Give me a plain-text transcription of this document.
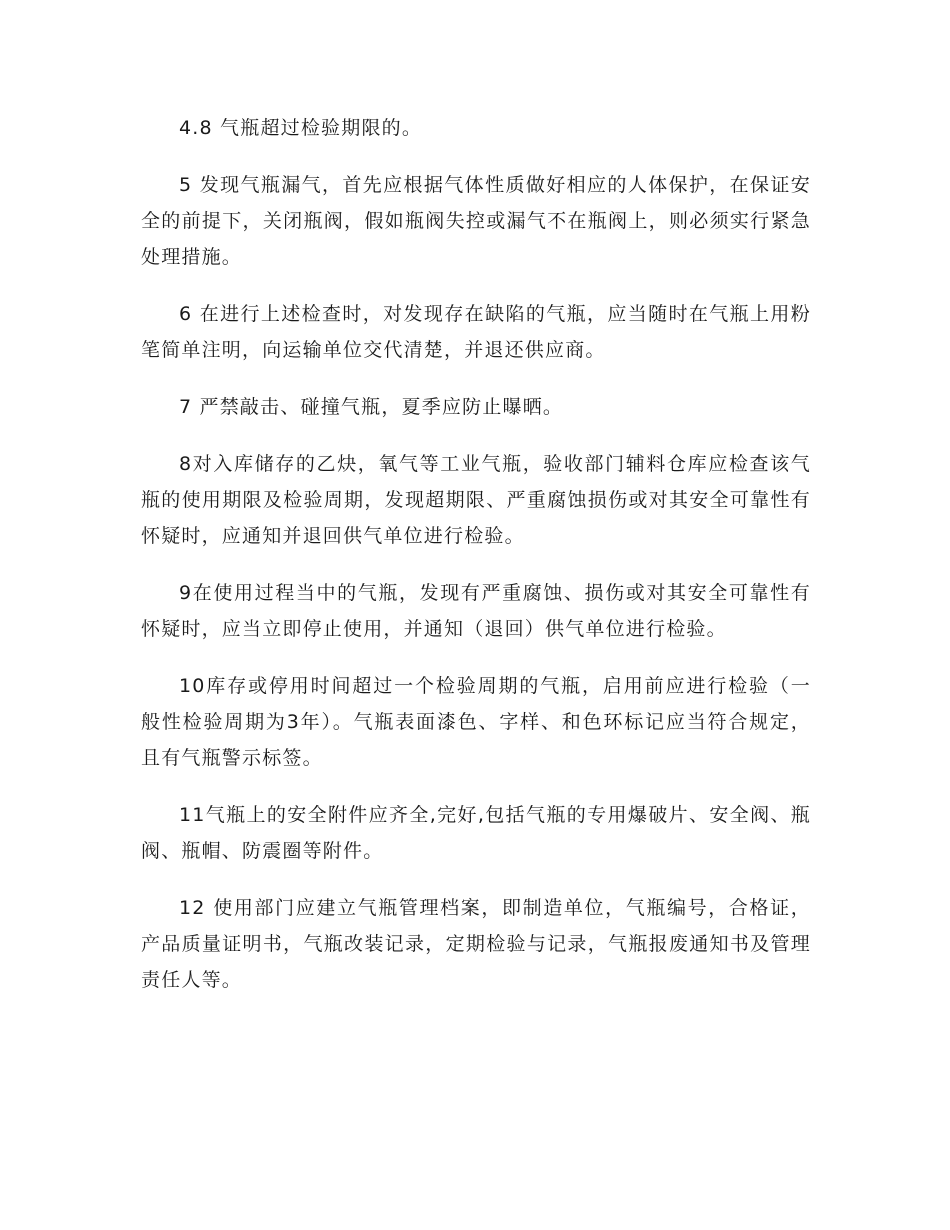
4.8 气瓶超过检验期限的。

5 发现气瓶漏气，首先应根据气体性质做好相应的人体保护，在保证安全的前提下，关闭瓶阀，假如瓶阀失控或漏气不在瓶阀上，则必须实行紧急处理措施。

6 在进行上述检查时，对发现存在缺陷的气瓶，应当随时在气瓶上用粉笔简单注明，向运输单位交代清楚，并退还供应商。

7 严禁敲击、碰撞气瓶，夏季应防止曝晒。

8对入库储存的乙炔，氧气等工业气瓶，验收部门辅料仓库应检查该气瓶的使用期限及检验周期，发现超期限、严重腐蚀损伤或对其安全可靠性有怀疑时，应通知并退回供气单位进行检验。

9在使用过程当中的气瓶，发现有严重腐蚀、损伤或对其安全可靠性有怀疑时，应当立即停止使用，并通知（退回）供气单位进行检验。

10库存或停用时间超过一个检验周期的气瓶，启用前应进行检验（一般性检验周期为3年）。气瓶表面漆色、字样、和色环标记应当符合规定，且有气瓶警示标签。

11气瓶上的安全附件应齐全,完好,包括气瓶的专用爆破片、安全阀、瓶阀、瓶帽、防震圈等附件。

12 使用部门应建立气瓶管理档案，即制造单位，气瓶编号，合格证，产品质量证明书，气瓶改装记录，定期检验与记录，气瓶报废通知书及管理责任人等。
